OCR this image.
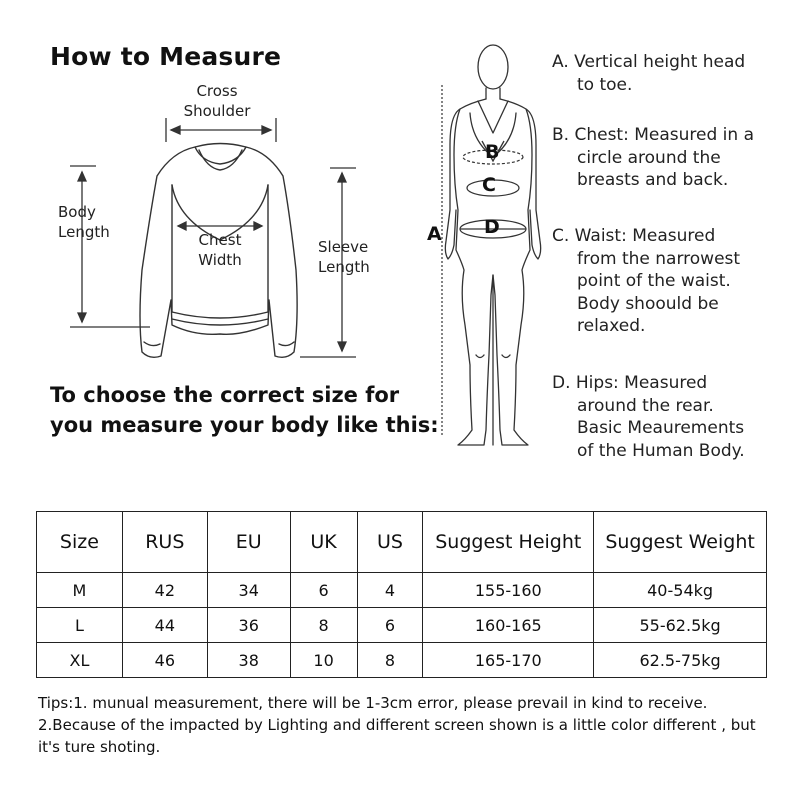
How to Measure
Cross
Shoulder
Body
Length	Chest
Width
Sleeve
Length
To choose the correct size for
you measure your body like this:
B
C
A D
A. Vertical height head
to toe.
B. Chest: Measured in a
circle around the
breasts and back.
C. Waist: Measured
from the narrowest
point of the waist.
Body shoould be
relaxed.
D. Hips: Measured
around the rear.
Basic Meaurements
of the Human Body.
Size	RUS	EU	UK	US	Suggest Height	Suggest Weight
M	42	34	6	4	155-160	40-54kg
L	44	36	8	6	160-165	55-62.5kg
XL	46	38	10	8	165-170	62.5-75kg
Tips:1. munual measurement, there will be 1-3cm error, please prevail in kind to receive.
2.Because of the impacted by Lighting and different screen shown is a little color different , but
it's ture shoting.
